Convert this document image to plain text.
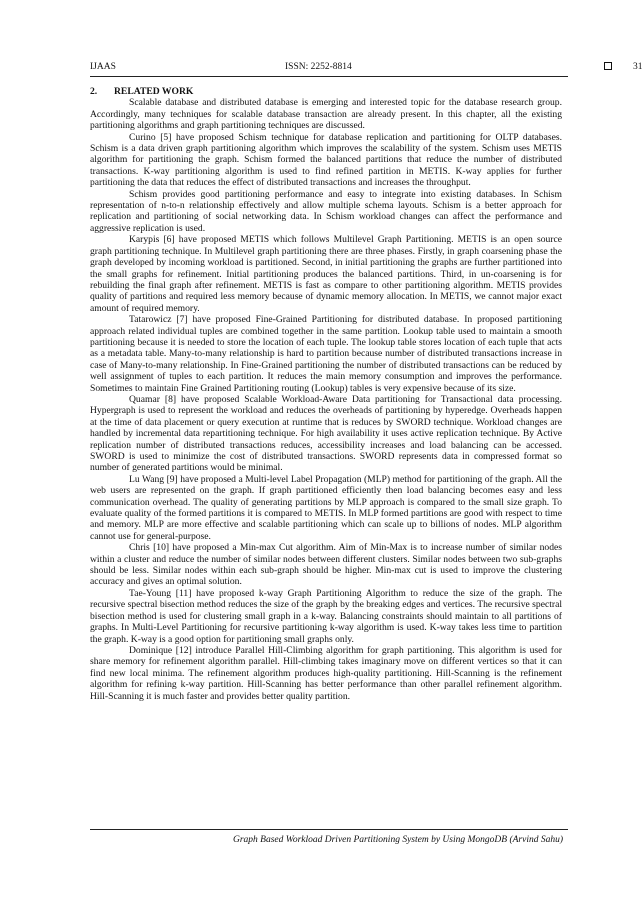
IJAAS	ISSN: 2252-8814	31
2. RELATED WORK

Scalable database and distributed database is emerging and interested topic for the database research group. Accordingly, many techniques for scalable database transaction are already present. In this chapter, all the existing partitioning algorithms and graph partitioning techniques are discussed.

Curino [5] have proposed Schism technique for database replication and partitioning for OLTP databases. Schism is a data driven graph partitioning algorithm which improves the scalability of the system. Schism uses METIS algorithm for partitioning the graph. Schism formed the balanced partitions that reduce the number of distributed transactions. K-way partitioning algorithm is used to find refined partition in METIS. K-way applies for further partitioning the data that reduces the effect of distributed transactions and increases the throughput.

Schism provides good partitioning performance and easy to integrate into existing databases. In Schism representation of n-to-n relationship effectively and allow multiple schema layouts. Schism is a better approach for replication and partitioning of social networking data. In Schism workload changes can affect the performance and aggressive replication is used.

Karypis [6] have proposed METIS which follows Multilevel Graph Partitioning. METIS is an open source graph partitioning technique. In Multilevel graph partitioning there are three phases. Firstly, in graph coarsening phase the graph developed by incoming workload is partitioned. Second, in initial partitioning the graphs are further partitioned into the small graphs for refinement. Initial partitioning produces the balanced partitions. Third, in un-coarsening is for rebuilding the final graph after refinement. METIS is fast as compare to other partitioning algorithm. METIS provides quality of partitions and required less memory because of dynamic memory allocation. In METIS, we cannot major exact amount of required memory.

Tatarowicz [7] have proposed Fine-Grained Partitioning for distributed database. In proposed partitioning approach related individual tuples are combined together in the same partition. Lookup table used to maintain a smooth partitioning because it is needed to store the location of each tuple. The lookup table stores location of each tuple that acts as a metadata table. Many-to-many relationship is hard to partition because number of distributed transactions increase in case of Many-to-many relationship. In Fine-Grained partitioning the number of distributed transactions can be reduced by well assignment of tuples to each partition. It reduces the main memory consumption and improves the performance. Sometimes to maintain Fine Grained Partitioning routing (Lookup) tables is very expensive because of its size.

Quamar [8] have proposed Scalable Workload-Aware Data partitioning for Transactional data processing. Hypergraph is used to represent the workload and reduces the overheads of partitioning by hyperedge. Overheads happen at the time of data placement or query execution at runtime that is reduces by SWORD technique. Workload changes are handled by incremental data repartitioning technique. For high availability it uses active replication technique. By Active replication number of distributed transactions reduces, accessibility increases and load balancing can be accessed. SWORD is used to minimize the cost of distributed transactions. SWORD represents data in compressed format so number of generated partitions would be minimal.

Lu Wang [9] have proposed a Multi-level Label Propagation (MLP) method for partitioning of the graph. All the web users are represented on the graph. If graph partitioned efficiently then load balancing becomes easy and less communication overhead. The quality of generating partitions by MLP approach is compared to the small size graph. To evaluate quality of the formed partitions it is compared to METIS. In MLP formed partitions are good with respect to time and memory. MLP are more effective and scalable partitioning which can scale up to billions of nodes. MLP algorithm cannot use for general-purpose.

Chris [10] have proposed a Min-max Cut algorithm. Aim of Min-Max is to increase number of similar nodes within a cluster and reduce the number of similar nodes between different clusters. Similar nodes between two sub-graphs should be less. Similar nodes within each sub-graph should be higher. Min-max cut is used to improve the clustering accuracy and gives an optimal solution.

Tae-Young [11] have proposed k-way Graph Partitioning Algorithm to reduce the size of the graph. The recursive spectral bisection method reduces the size of the graph by the breaking edges and vertices. The recursive spectral bisection method is used for clustering small graph in a k-way. Balancing constraints should maintain to all partitions of graphs. In Multi-Level Partitioning for recursive partitioning k-way algorithm is used. K-way takes less time to partition the graph. K-way is a good option for partitioning small graphs only.

Dominique [12] introduce Parallel Hill-Climbing algorithm for graph partitioning. This algorithm is used for share memory for refinement algorithm parallel. Hill-climbing takes imaginary move on different vertices so that it can find new local minima. The refinement algorithm produces high-quality partitioning. Hill-Scanning is the refinement algorithm for refining k-way partition. Hill-Scanning has better performance than other parallel refinement algorithm. Hill-Scanning it is much faster and provides better quality partition.

Graph Based Workload Driven Partitioning System by Using MongoDB (Arvind Sahu)
